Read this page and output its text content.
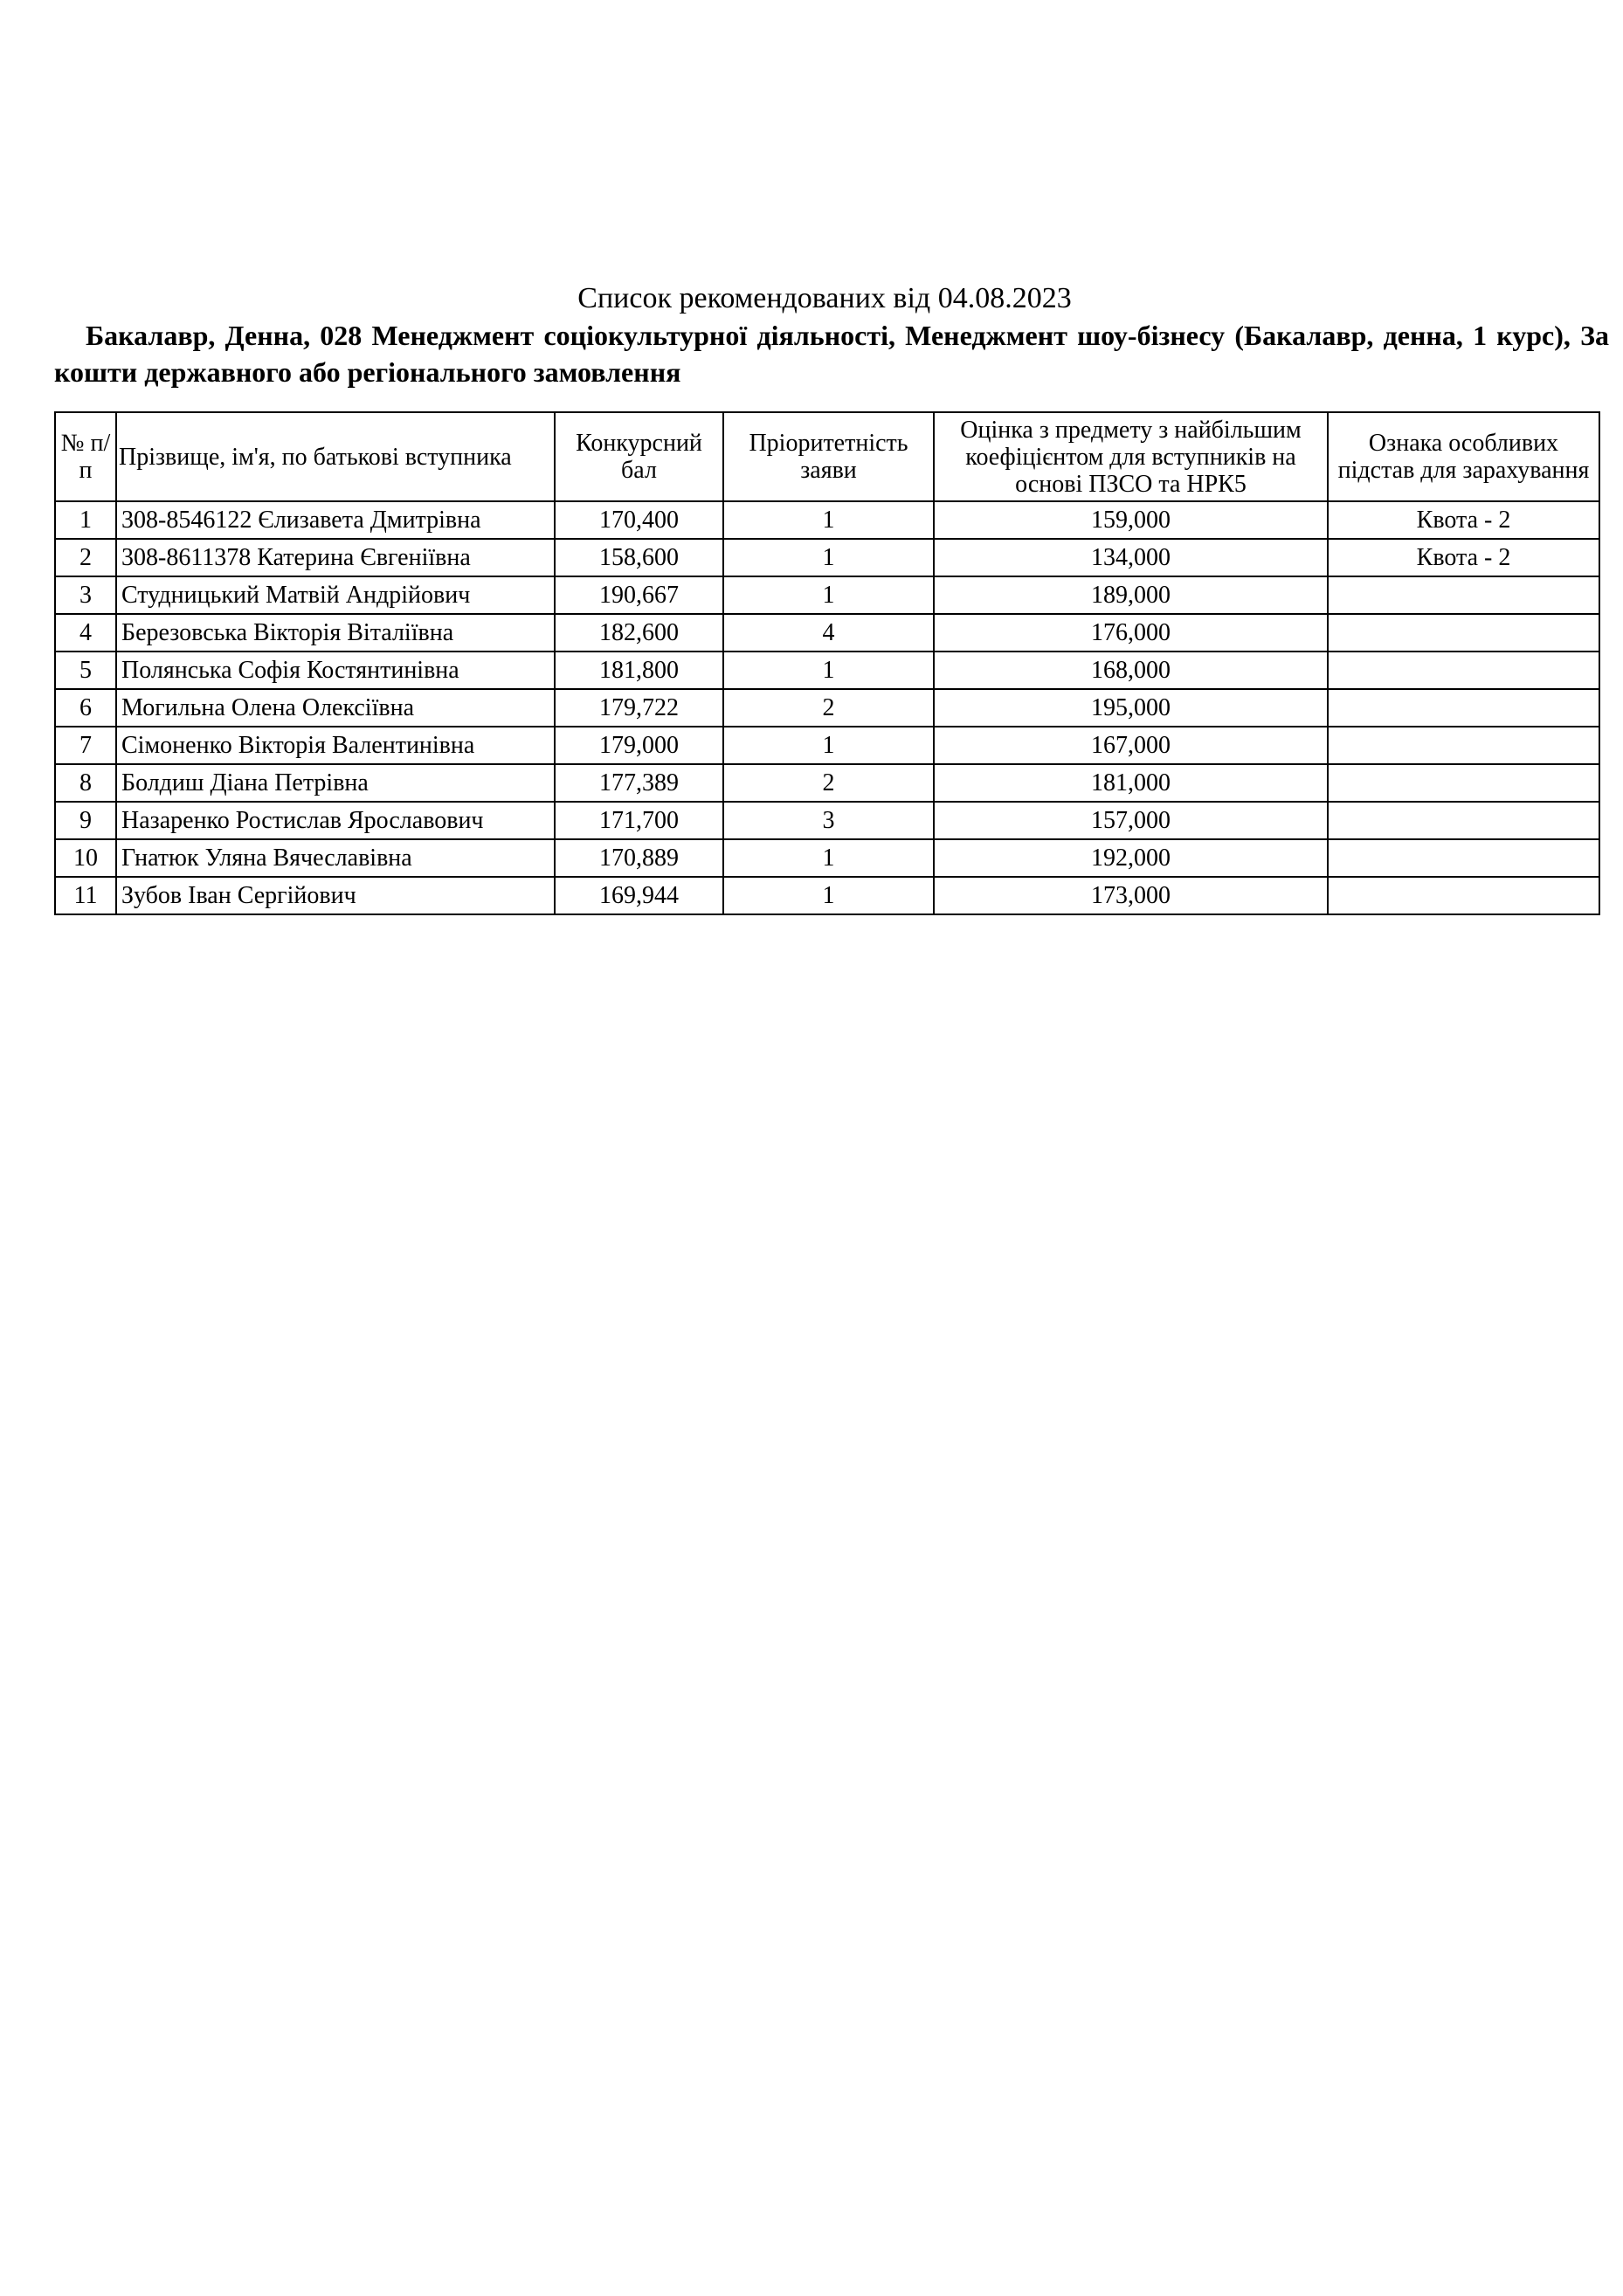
Список рекомендованих від 04.08.2023
Бакалавр, Денна, 028 Менеджмент соціокультурної діяльності, Менеджмент шоу-бізнесу (Бакалавр, денна, 1 курс), За кошти державного або регіонального замовлення
№ п/п	Прізвище, ім'я, по батькові вступника	Конкурсний бал	Пріоритетність заяви	Оцінка з предмету з найбільшим коефіцієнтом для вступників на основі ПЗСО та НРК5	Ознака особливих підстав для зарахування
1	308-8546122 Єлизавета Дмитрівна	170,400	1	159,000	Квота - 2
2	308-8611378 Катерина Євгеніївна	158,600	1	134,000	Квота - 2
3	Студницький Матвій Андрійович	190,667	1	189,000	
4	Березовська Вікторія Віталіївна	182,600	4	176,000	
5	Полянська Софія Костянтинівна	181,800	1	168,000	
6	Могильна Олена Олексіївна	179,722	2	195,000	
7	Сімоненко Вікторія Валентинівна	179,000	1	167,000	
8	Болдиш Діана Петрівна	177,389	2	181,000	
9	Назаренко Ростислав Ярославович	171,700	3	157,000	
10	Гнатюк Уляна Вячеславівна	170,889	1	192,000	
11	Зубов Іван Сергійович	169,944	1	173,000	
